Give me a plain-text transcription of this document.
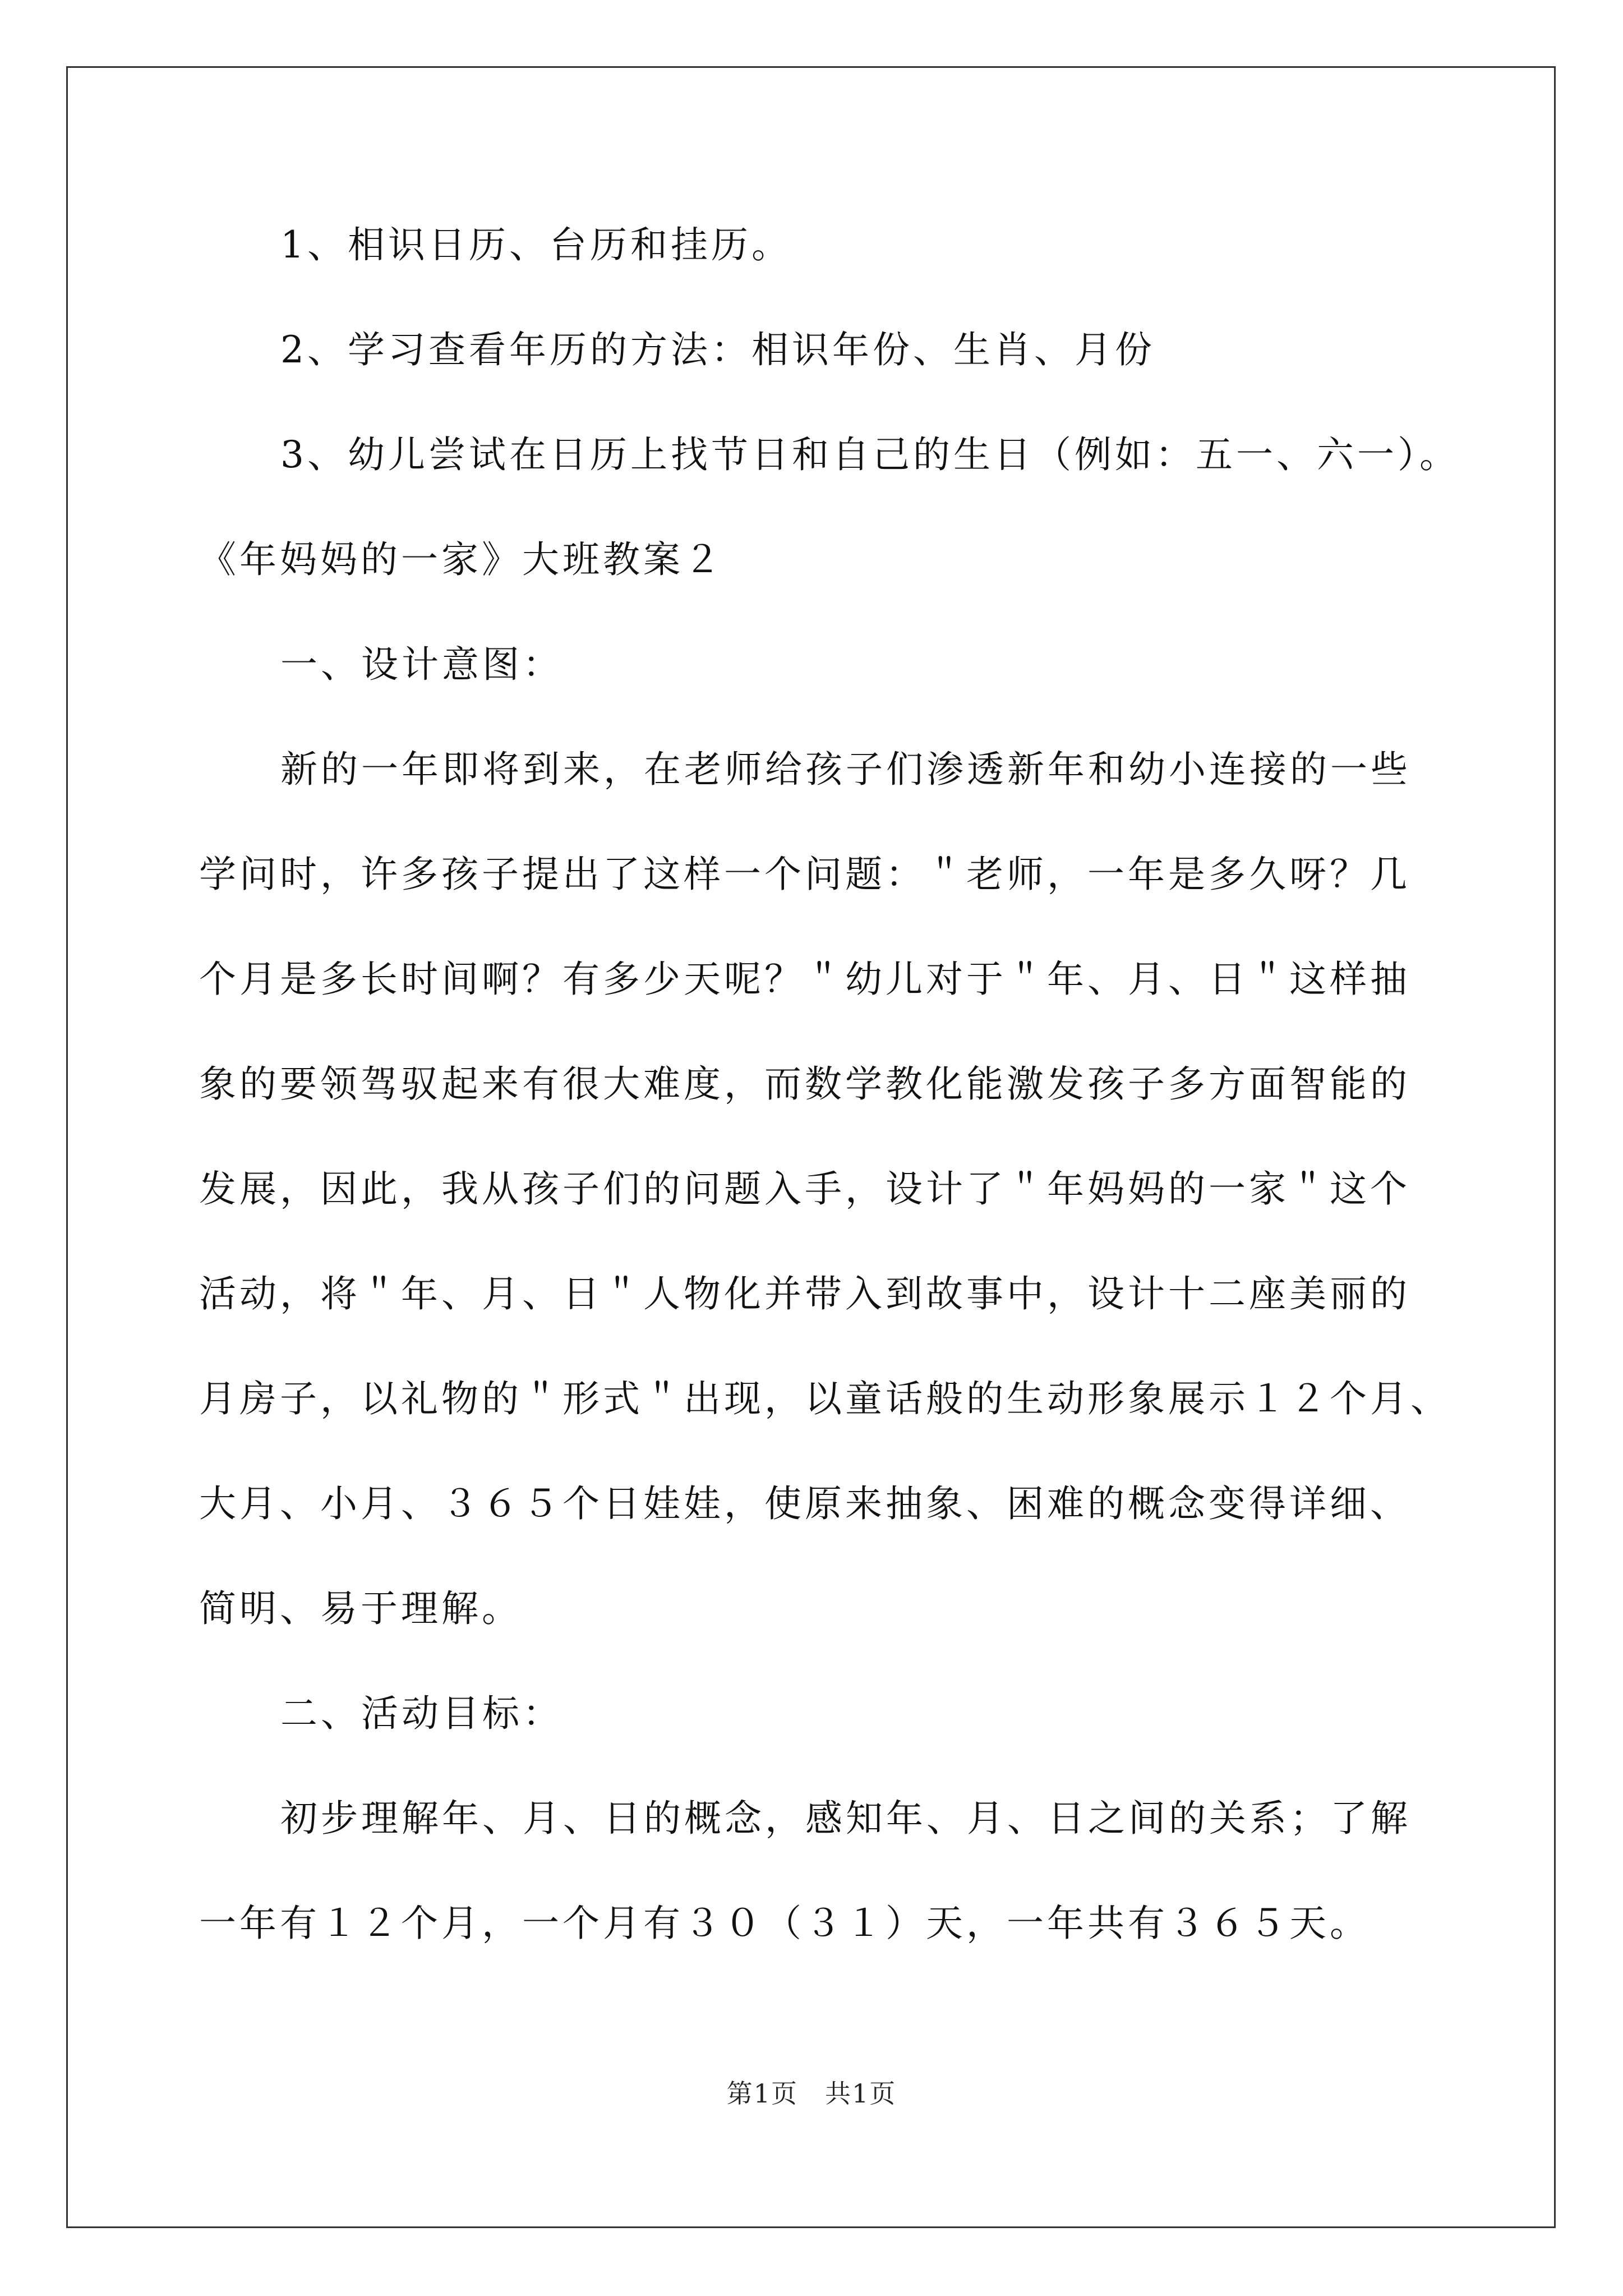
1、相识日历、台历和挂历。
2、学习查看年历的方法：相识年份、生肖、月份
3、幼儿尝试在日历上找节日和自己的生日（例如：五一、六一）。
《年妈妈的一家》大班教案２
一、设计意图：
新的一年即将到来，在老师给孩子们渗透新年和幼小连接的一些
学问时，许多孩子提出了这样一个问题：＂老师，一年是多久呀？几
个月是多长时间啊？有多少天呢？＂幼儿对于＂年、月、日＂这样抽
象的要领驾驭起来有很大难度，而数学教化能激发孩子多方面智能的
发展，因此，我从孩子们的问题入手，设计了＂年妈妈的一家＂这个
活动，将＂年、月、日＂人物化并带入到故事中，设计十二座美丽的
月房子，以礼物的＂形式＂出现，以童话般的生动形象展示１２个月、
大月、小月、３６５个日娃娃，使原来抽象、困难的概念变得详细、
简明、易于理解。
二、活动目标：
初步理解年、月、日的概念，感知年、月、日之间的关系；了解
一年有１２个月，一个月有３０（３１）天，一年共有３６５天。
第1页　共1页
